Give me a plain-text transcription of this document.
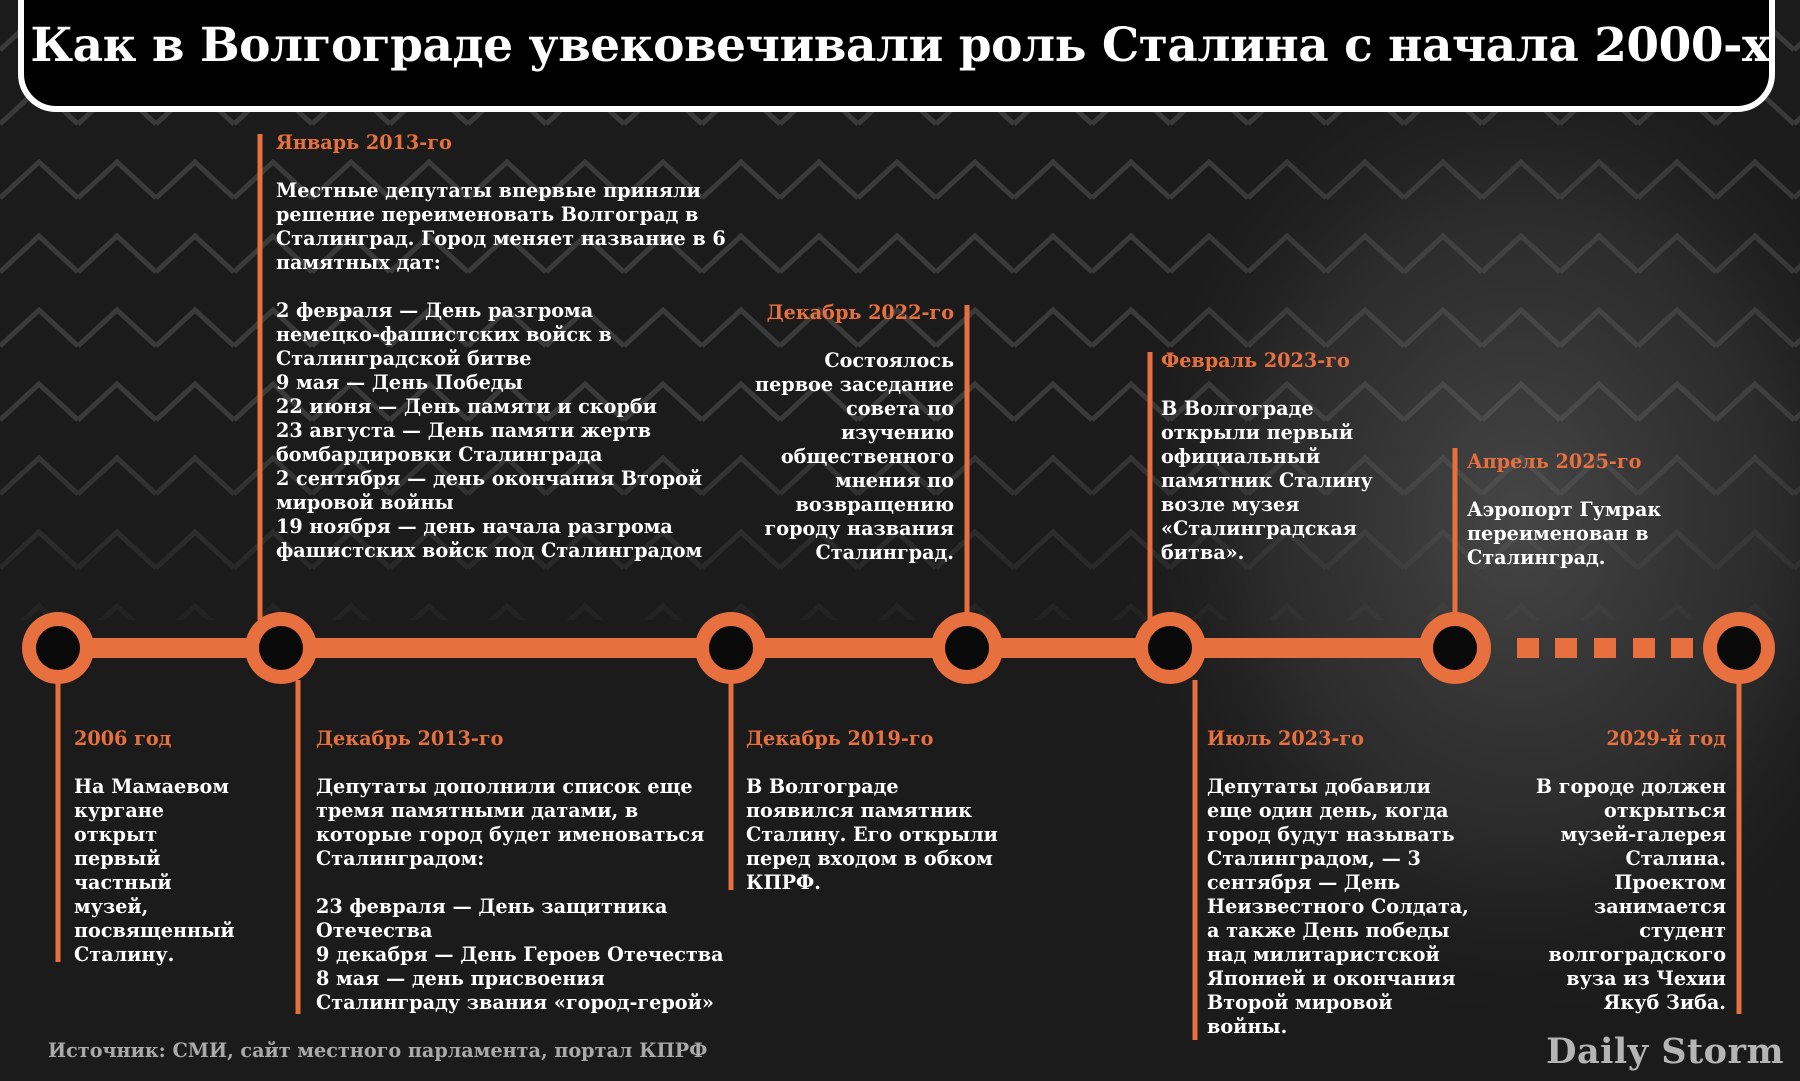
Как в Волгограде увековечивали роль Сталина с начала 2000-х
2006 год
На Мамаевом
кургане
открыт
первый
частный
музей,
посвященный
Сталину.
Январь 2013-го
Местные депутаты впервые приняли
решение переименовать Волгоград в
Сталинград. Город меняет название в 6
памятных дат:

2 февраля — День разгрома
немецко-фашистских войск в
Сталинградской битве
9 мая — День Победы
22 июня — День памяти и скорби
23 августа — День памяти жертв
бомбардировки Сталинграда
2 сентября — день окончания Второй
мировой войны
19 ноября — день начала разгрома
фашистских войск под Сталинградом
Декабрь 2013-го
Депутаты дополнили список еще
тремя памятными датами, в
которые город будет именоваться
Сталинградом:

23 февраля — День защитника
Отечества
9 декабря — День Героев Отечества
8 мая — день присвоения
Сталинграду звания «город-герой»
Декабрь 2019-го
В Волгограде
появился памятник
Сталину. Его открыли
перед входом в обком
КПРФ.
Декабрь 2022-го
Состоялось
первое заседание
совета по
изучению
общественного
мнения по
возвращению
городу названия
Сталинград.
Февраль 2023-го
В Волгограде
открыли первый
официальный
памятник Сталину
возле музея
«Сталинградская
битва».
Июль 2023-го
Депутаты добавили
еще один день, когда
город будут называть
Сталинградом, — 3
сентября — День
Неизвестного Солдата,
а также День победы
над милитаристской
Японией и окончания
Второй мировой
войны.
Апрель 2025-го
Аэропорт Гумрак
переименован в
Сталинград.
2029-й год
В городе должен
открыться
музей-галерея
Сталина.
Проектом
занимается
студент
волгоградского
вуза из Чехии
Якуб Зиба.
Источник: СМИ, сайт местного парламента, портал КПРФ	Daily Storm
